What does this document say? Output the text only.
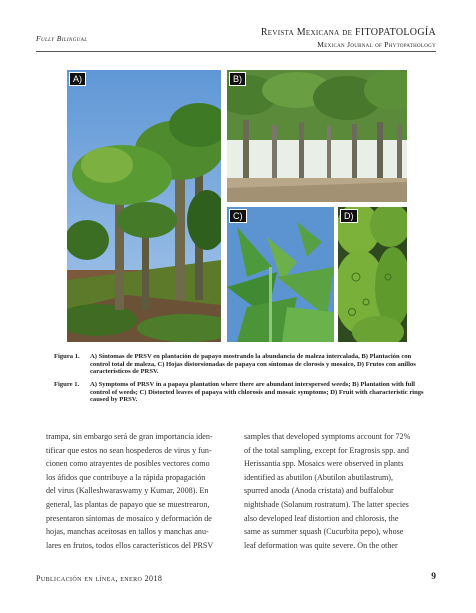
Fully Bilingual
Revista Mexicana de FITOPATOLOGÍA
Mexican Journal of Phytopathology
A)	B)
C)	D)
Figura 1. A) Síntomas de PRSV en plantación de papayo mostrando la abundancia de maleza intercalada, B) Plantación con control total de maleza, C) Hojas distorsionadas de papaya con síntomas de clorosis y mosaico, D) Frutos con anillos característicos de PRSV.
Figure 1. A) Symptoms of PRSV in a papaya plantation where there are abundant interspersed weeds; B) Plantation with full control of weeds; C) Distorted leaves of papaya with chlorosis and mosaic symptoms; D) Fruit with characteristic rings caused by PRSV.
trampa, sin embargo será de gran importancia iden-
tificar que estos no sean hospederos de virus y fun-
cionen como atrayentes de posibles vectores como
los áfidos que contribuye a la rápida propagación
del virus (Kalleshwaraswamy y Kumar, 2008). En
general, las plantas de papayo que se muestrearon,
presentaron síntomas de mosaico y deformación de
hojas, manchas aceitosas en tallos y manchas anu-
lares en frutos, todos ellos característicos del PRSV
samples that developed symptoms account for 72%
of the total sampling, except for Eragrosis spp. and
Herissantia spp. Mosaics were observed in plants
identified as abutilon (Abutilon abutilastrum),
spurred anoda (Anoda cristata) and buffalobur
nightshade (Solanum rostratum). The latter species
also developed leaf distortion and chlorosis, the
same as summer squash (Cucurbita pepo), whose
leaf deformation was quite severe. On the other
Publicación en línea, enero 2018	9
